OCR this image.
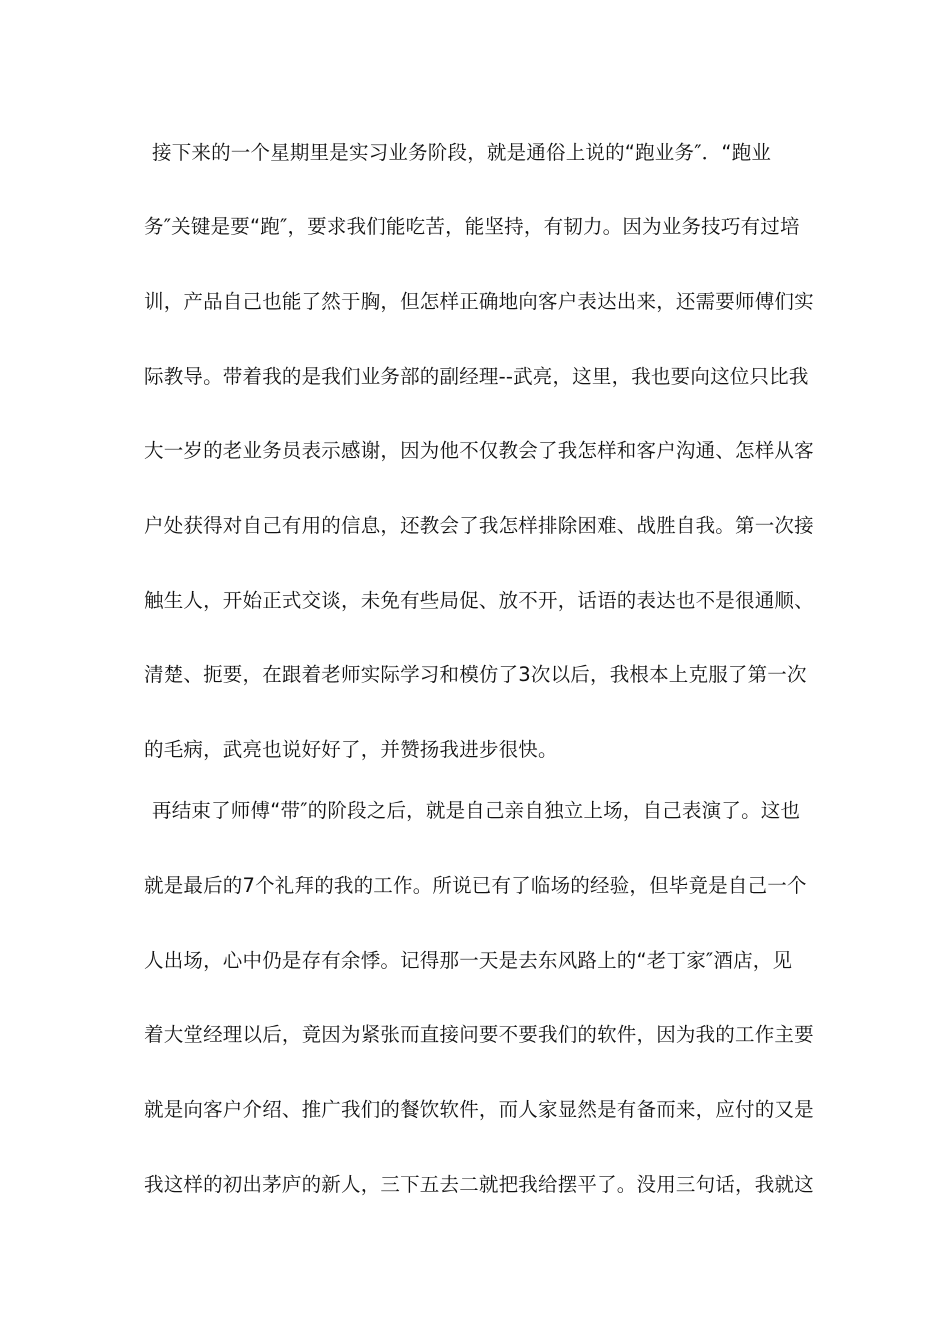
接下来的一个星期里是实习业务阶段，就是通俗上说的“跑业务″．“跑业

务″关键是要“跑″，要求我们能吃苦，能坚持，有韧力。因为业务技巧有过培

训，产品自己也能了然于胸，但怎样正确地向客户表达出来，还需要师傅们实

际教导。带着我的是我们业务部的副经理--武亮，这里，我也要向这位只比我

大一岁的老业务员表示感谢，因为他不仅教会了我怎样和客户沟通、怎样从客

户处获得对自己有用的信息，还教会了我怎样排除困难、战胜自我。第一次接

触生人，开始正式交谈，未免有些局促、放不开，话语的表达也不是很通顺、

清楚、扼要，在跟着老师实际学习和模仿了3次以后，我根本上克服了第一次

的毛病，武亮也说好好了，并赞扬我进步很快。

再结束了师傅“带″的阶段之后，就是自己亲自独立上场，自己表演了。这也

就是最后的7个礼拜的我的工作。所说已有了临场的经验，但毕竟是自己一个

人出场，心中仍是存有余悸。记得那一天是去东风路上的“老丁家″酒店，见

着大堂经理以后，竟因为紧张而直接问要不要我们的软件，因为我的工作主要

就是向客户介绍、推广我们的餐饮软件，而人家显然是有备而来，应付的又是

我这样的初出茅庐的新人，三下五去二就把我给摆平了。没用三句话，我就这
